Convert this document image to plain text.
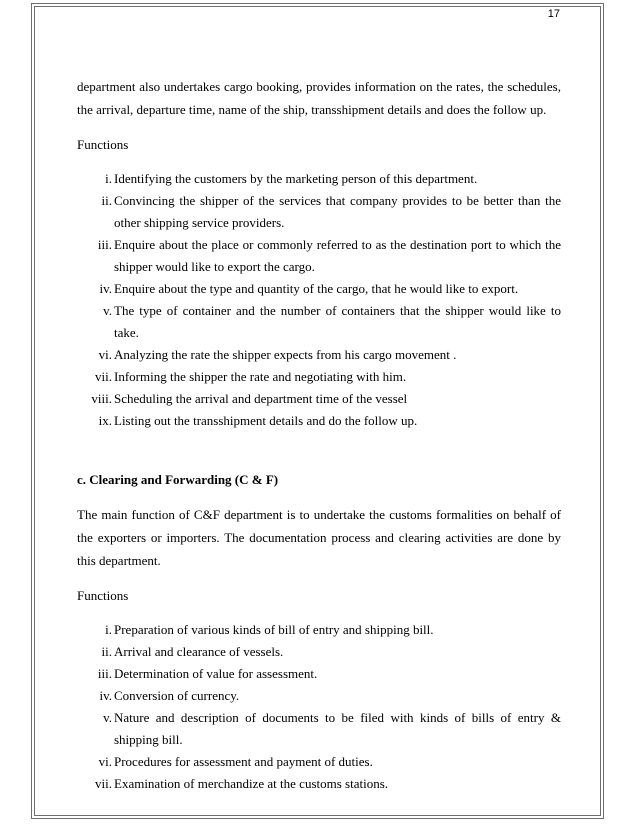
17

department also undertakes cargo booking, provides information on the rates, the schedules, the arrival, departure time, name of the ship, transshipment details and does the follow up.

Functions

i. Identifying the customers by the marketing person of this department.
ii. Convincing the shipper of the services that company provides to be better than the other shipping service providers.
iii. Enquire about the place or commonly referred to as the destination port to which the shipper would like to export the cargo.
iv. Enquire about the type and quantity of the cargo, that he would like to export.
v. The type of container and the number of containers that the shipper would like to take.
vi. Analyzing the rate the shipper expects from his cargo movement .
vii. Informing the shipper the rate and negotiating with him.
viii. Scheduling the arrival and department time of the vessel
ix. Listing out the transshipment details and do the follow up.

c. Clearing and Forwarding (C & F)

The main function of C&F department is to undertake the customs formalities on behalf of the exporters or importers. The documentation process and clearing activities are done by this department.

Functions

i. Preparation of various kinds of bill of entry and shipping bill.
ii. Arrival and clearance of vessels.
iii. Determination of value for assessment.
iv. Conversion of currency.
v. Nature and description of documents to be filed with kinds of bills of entry & shipping bill.
vi. Procedures for assessment and payment of duties.
vii. Examination of merchandize at the customs stations.
